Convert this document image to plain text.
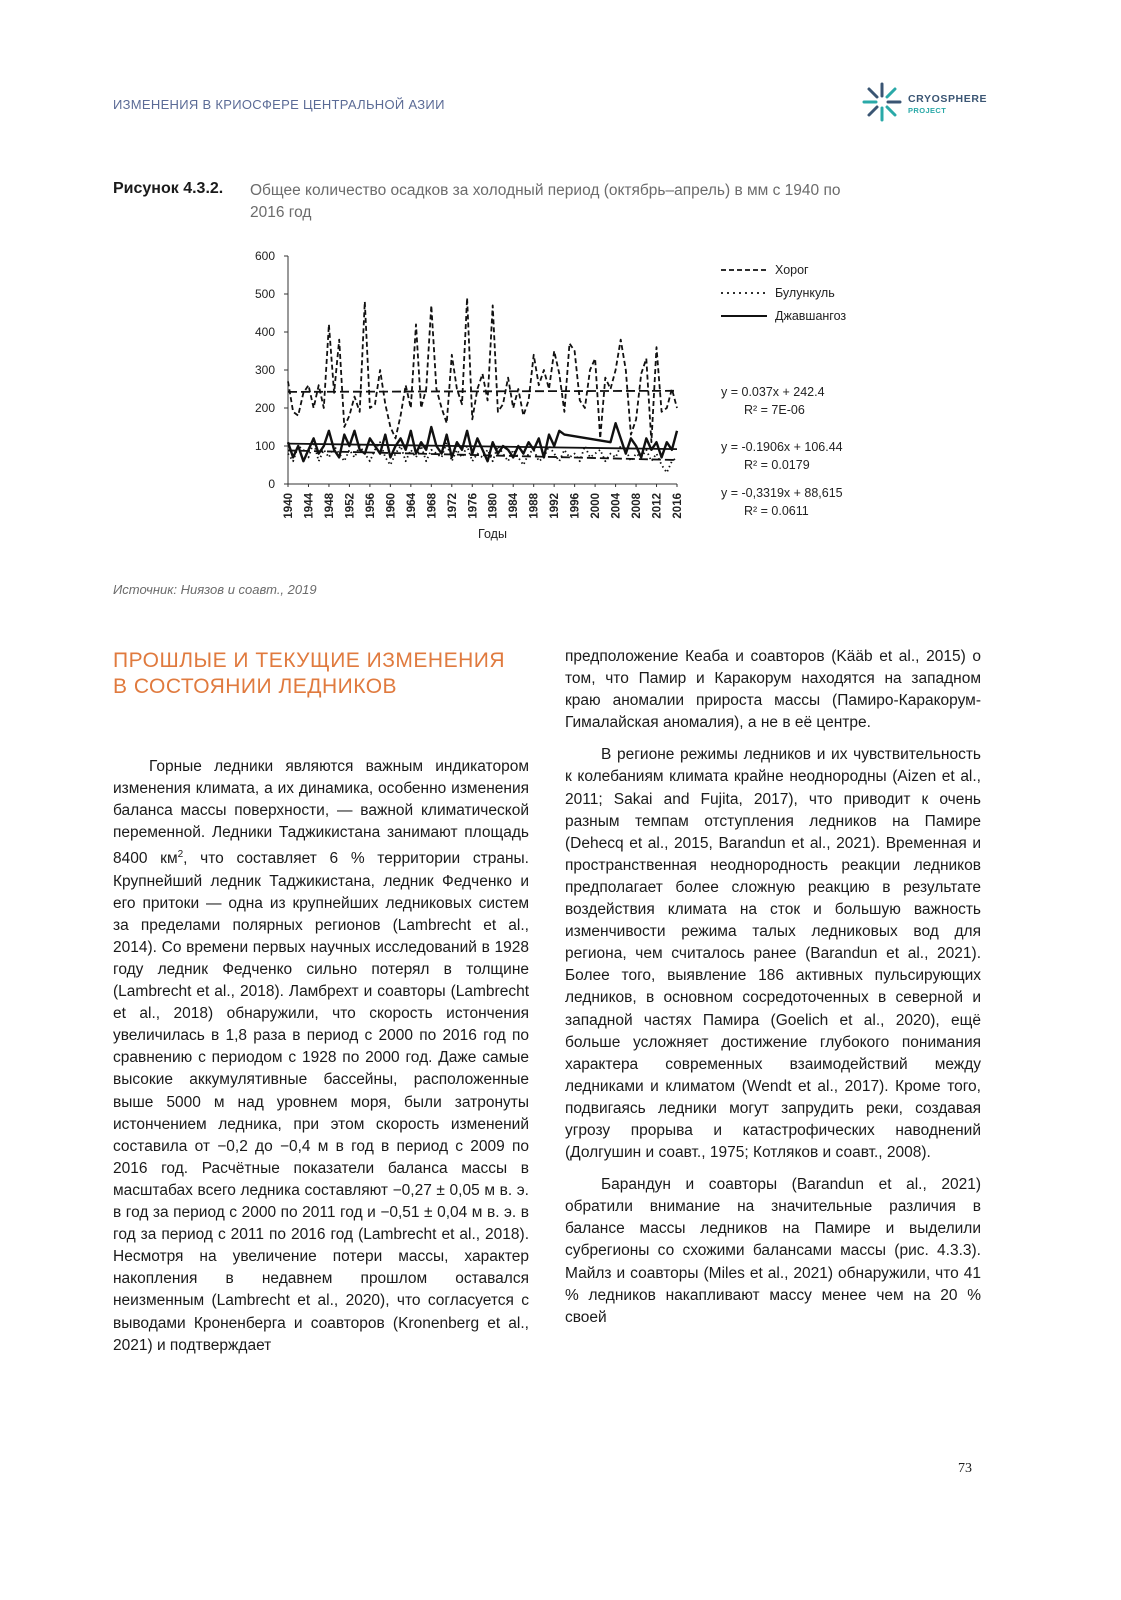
ИЗМЕНЕНИЯ В КРИОСФЕРЕ ЦЕНТРАЛЬНОЙ АЗИИ	CRYOSPHERE
PROJECT
Рисунок 4.3.2. Общее количество осадков за холодный период (октябрь–апрель) в мм с 1940 по 2016 год
0
100
200
300
400
500
600
1940 1944 1948 1952 1956 1960 1964 1968 1972 1976 1980 1984 1988 1992 1996 2000 2004 2008 2012 2016
Годы
Хорог
Булункуль
Джавшангоз
y = 0.037x + 242.4
R² = 7E-06
y = -0.1906x + 106.44
R² = 0.0179
y = -0,3319x + 88,615
R² = 0.0611
Источник: Ниязов и соавт., 2019
ПРОШЛЫЕ И ТЕКУЩИЕ ИЗМЕНЕНИЯ В СОСТОЯНИИ ЛЕДНИКОВ

Горные ледники являются важным индикатором изменения климата, а их динамика, особенно изменения баланса массы поверхности, — важной климатической переменной. Ледники Таджикистана занимают площадь 8400 $км^2$, что составляет 6 % территории страны. Крупнейший ледник Таджикистана, ледник Федченко и его притоки — одна из крупнейших ледниковых систем за пределами полярных регионов (Lambrecht et al., 2014). Со времени первых научных исследований в 1928 году ледник Федченко сильно потерял в толщине (Lambrecht et al., 2018). Ламбрехт и соавторы (Lambrecht et al., 2018) обнаружили, что скорость истончения увеличилась в 1,8 раза в период с 2000 по 2016 год по сравнению с периодом с 1928 по 2000 год. Даже самые высокие аккумулятивные бассейны, расположенные выше 5000 м над уровнем моря, были затронуты истончением ледника, при этом скорость изменений составила от −0,2 до −0,4 м в год в период с 2009 по 2016 год. Расчётные показатели баланса массы в масштабах всего ледника составляют −0,27 ± 0,05 м в. э. в год за период с 2000 по 2011 год и −0,51 ± 0,04 м в. э. в год за период с 2011 по 2016 год (Lambrecht et al., 2018). Несмотря на увеличение потери массы, характер накопления в недавнем прошлом оставался неизменным (Lambrecht et al., 2020), что согласуется с выводами Кроненберга и соавторов (Kronenberg et al., 2021) и подтверждает

предположение Кеаба и соавторов (Kääb et al., 2015) о том, что Памир и Каракорум находятся на западном краю аномалии прироста массы (Памиро-Каракорум-Гималайская аномалия), а не в её центре.

В регионе режимы ледников и их чувствительность к колебаниям климата крайне неоднородны (Aizen et al., 2011; Sakai and Fujita, 2017), что приводит к очень разным темпам отступления ледников на Памире (Dehecq et al., 2015, Barandun et al., 2021). Временная и пространственная неоднородность реакции ледников предполагает более сложную реакцию в результате воздействия климата на сток и большую важность изменчивости режима талых ледниковых вод для региона, чем считалось ранее (Barandun et al., 2021). Более того, выявление 186 активных пульсирующих ледников, в основном сосредоточенных в северной и западной частях Памира (Goelich et al., 2020), ещё больше усложняет достижение глубокого понимания характера современных взаимодействий между ледниками и климатом (Wendt et al., 2017). Кроме того, подвигаясь ледники могут запрудить реки, создавая угрозу прорыва и катастрофических наводнений (Долгушин и соавт., 1975; Котляков и соавт., 2008).

Барандун и соавторы (Barandun et al., 2021) обратили внимание на значительные различия в балансе массы ледников на Памире и выделили субрегионы со схожими балансами массы (рис. 4.3.3). Майлз и соавторы (Miles et al., 2021) обнаружили, что 41 % ледников накапливают массу менее чем на 20 % своей

73
